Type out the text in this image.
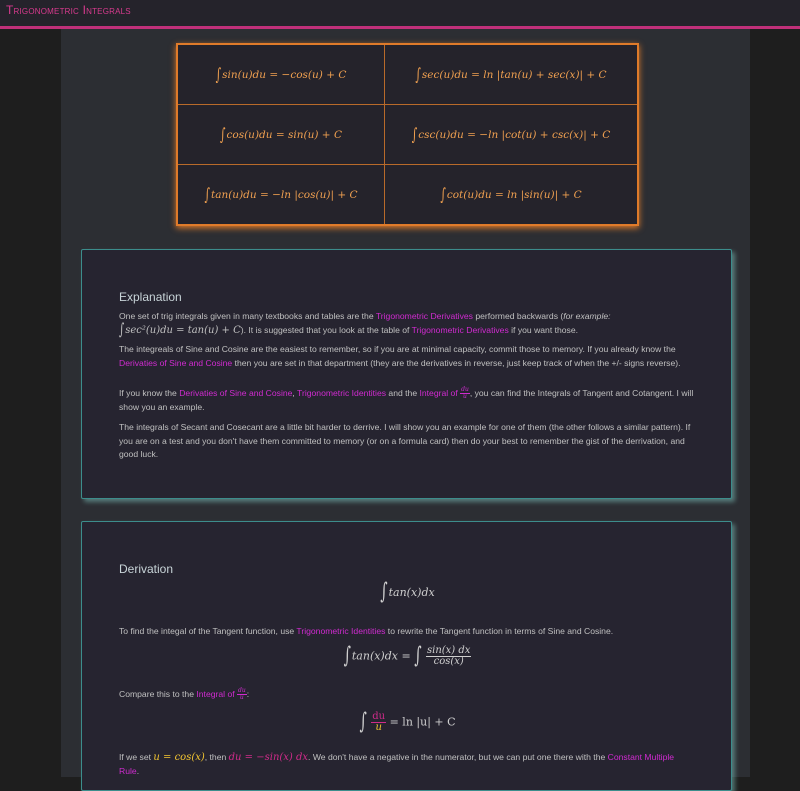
Trigonometric Integrals
∫ sin(u)du = −cos(u) + C	∫ sec(u)du = ln |tan(u) + sec(x)| + C
∫ cos(u)du = sin(u) + C	∫ csc(u)du = −ln |cot(u) + csc(x)| + C
∫ tan(u)du = −ln |cos(u)| + C	∫ cot(u)du = ln |sin(u)| + C
Explanation
One set of trig integrals given in many textbooks and tables are the Trigonometric Derivatives performed backwards (for example:
∫sec²(u)du = tan(u) + C). It is suggested that you look at the table of Trigonometric Derivatives if you want those.
The integreals of Sine and Cosine are the easiest to remember, so if you are at minimal capacity, commit those to memory. If you already know the Derivaties of Sine and Cosine then you are set in that department (they are the derivatives in reverse, just keep track of when the +/- signs reverse).
If you know the Derivaties of Sine and Cosine, Trigonometric Identities and the Integral of $\frac{du}{u}$ , you can find the Integrals of Tangent and Cotangent. I will show you an example.
The integrals of Secant and Cosecant are a little bit harder to derrive. I will show you an example for one of them (the other follows a similar pattern). If you are on a test and you don't have them committed to memory (or on a formula card) then do your best to remember the gist of the derrivation, and good luck.
Derivation
∫tan(x)dx
To find the integal of the Tangent function, use Trigonometric Identities to rewrite the Tangent function in terms of Sine and Cosine.
∫tan(x)dx = ∫ $\frac{\sin(x) dx}{\cos(x)}$
Compare this to the Integral of $\frac{du}{u}$ :
∫ $\frac{du}{u} = \ln |u| + C$
If we set u = cos(x), then du = −sin(x) dx. We don't have a negative in the numerator, but we can put one there with the Constant Multiple Rule.
